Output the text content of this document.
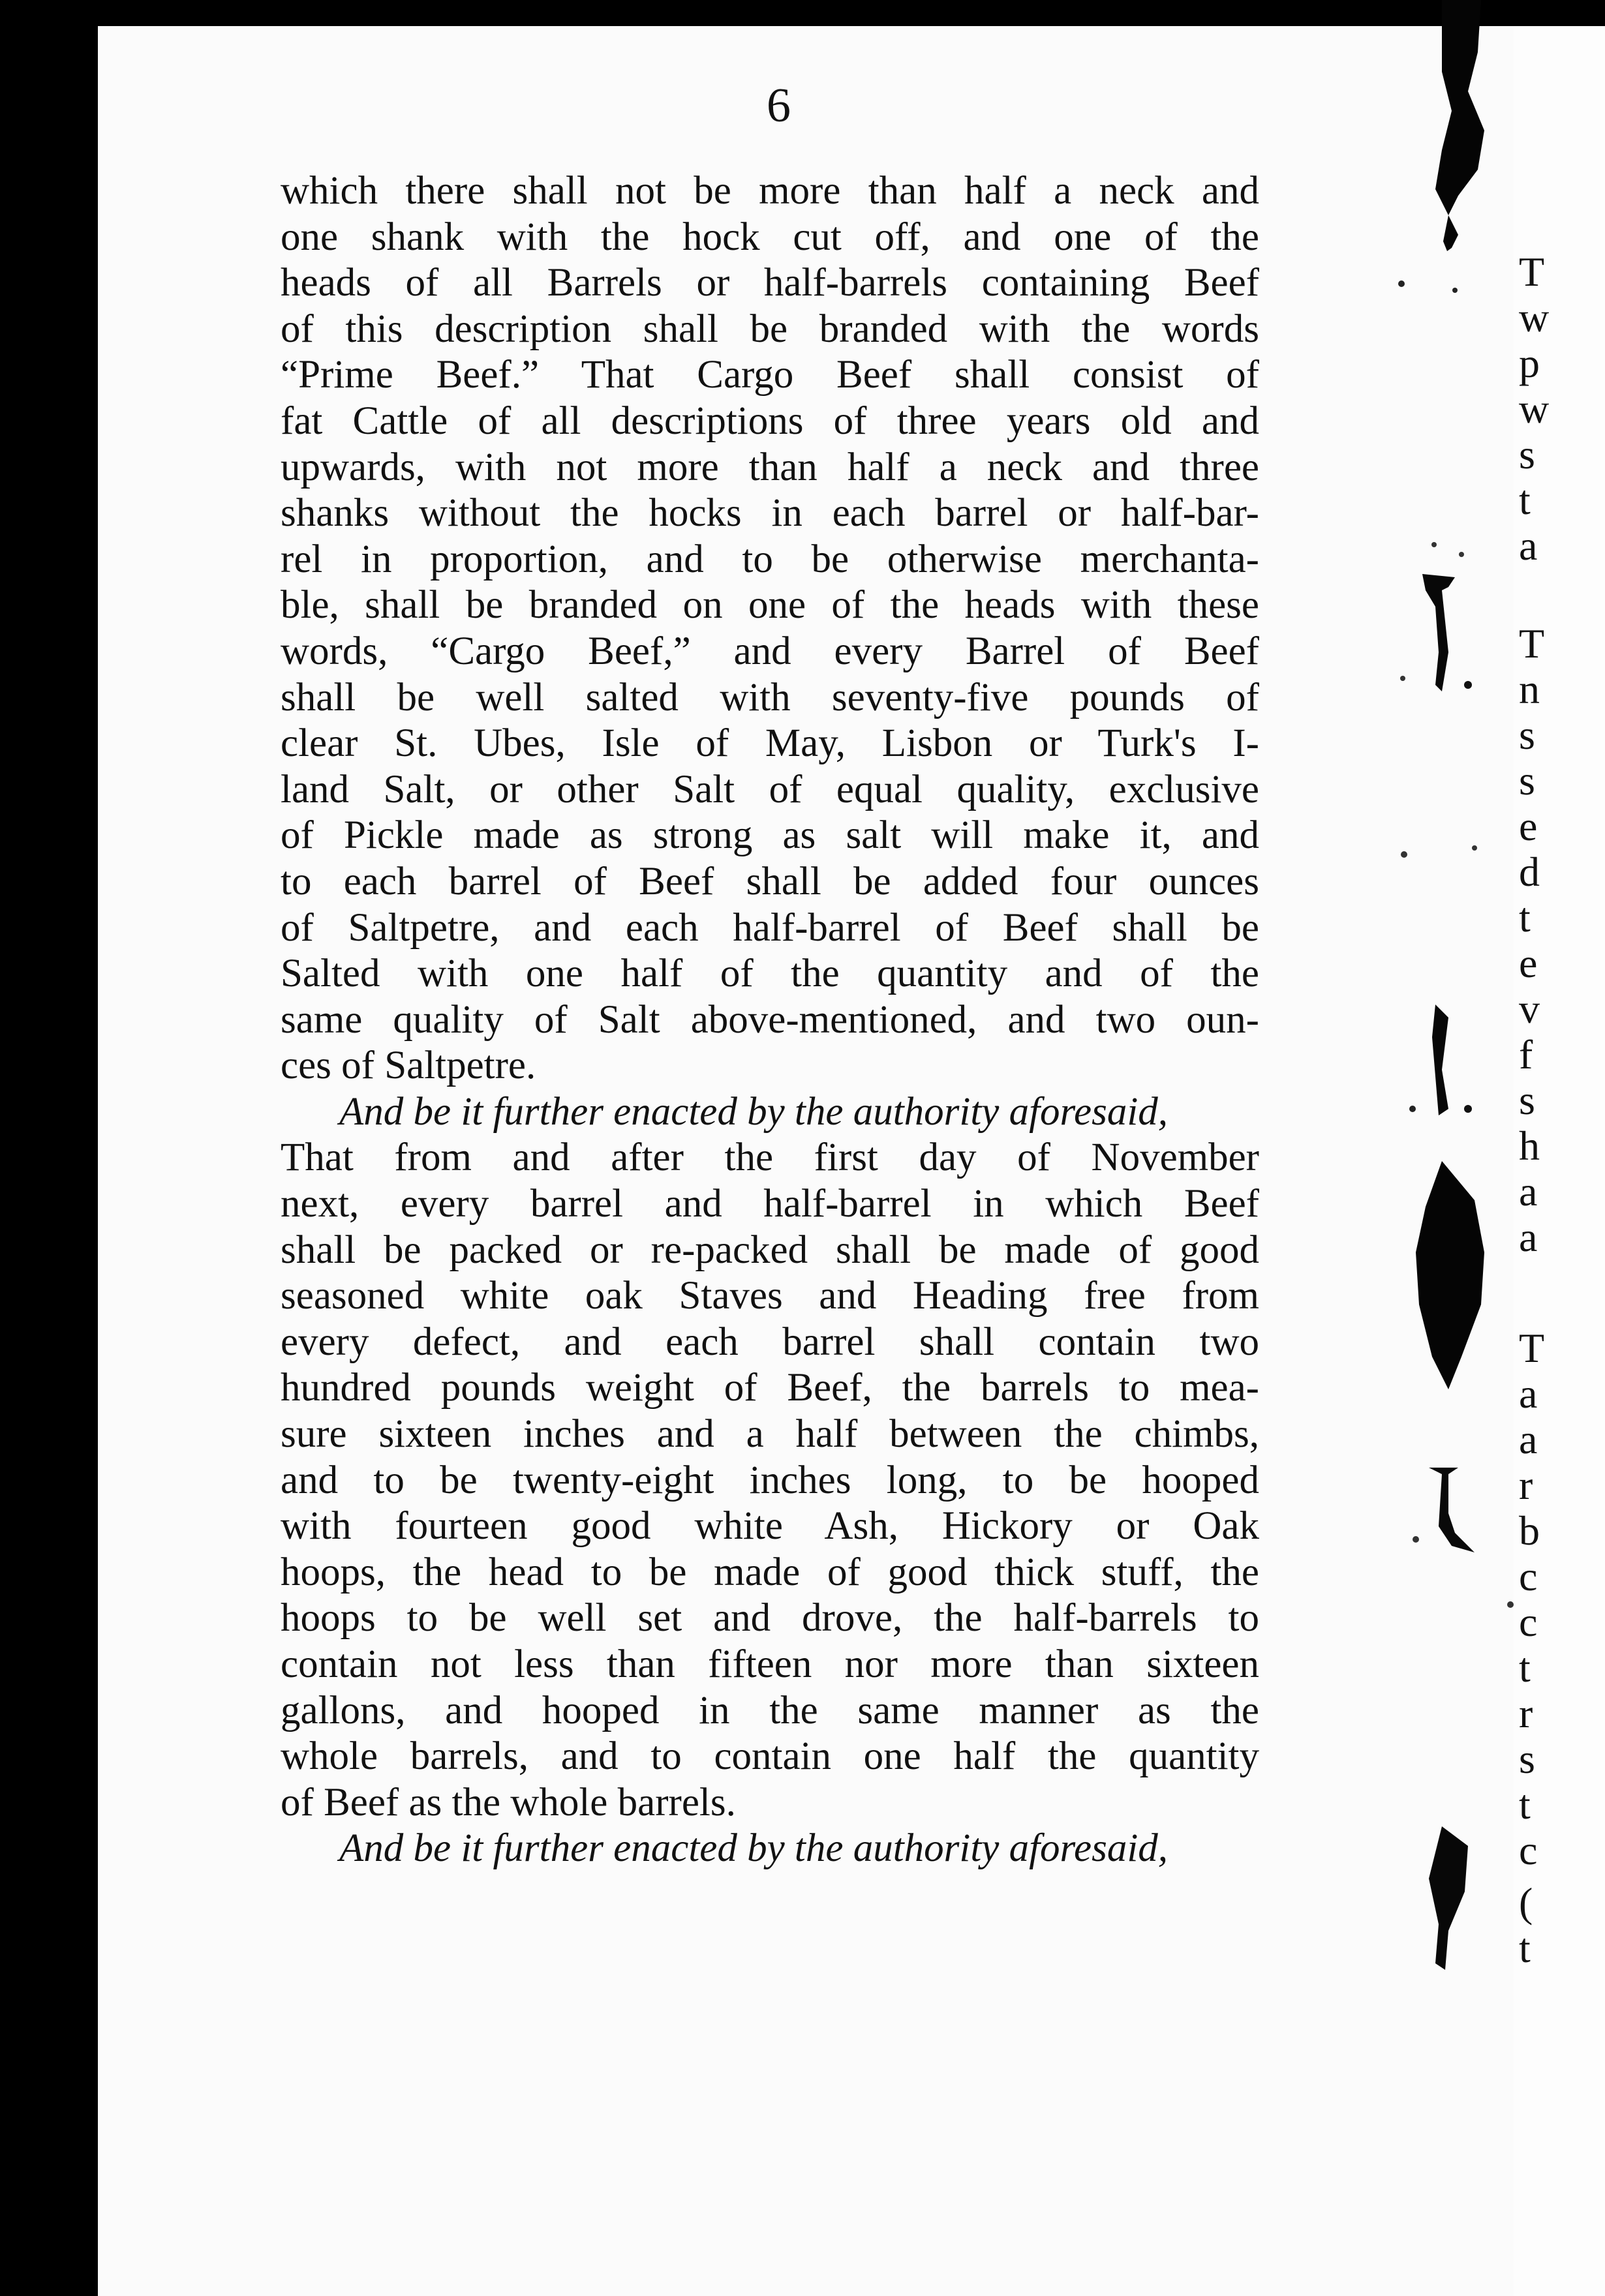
T
w
p
w
s
t
a
T
n
s
s
e
d
t
e
v
f
s
h
a
a
T
a
a
r
b
c
c
t
r
s
t
c
(
t
6
which there shall not be more than half a neck and
one shank with the hock cut off, and one of the
heads of all Barrels or half-barrels containing Beef
of this description shall be branded with the words
“Prime Beef.” That Cargo Beef shall consist of
fat Cattle of all descriptions of three years old and
upwards, with not more than half a neck and three
shanks without the hocks in each barrel or half-bar-
rel in proportion, and to be otherwise merchanta-
ble, shall be branded on one of the heads with these
words, “Cargo Beef,” and every Barrel of Beef
shall be well salted with seventy-five pounds of
clear St. Ubes, Isle of May, Lisbon or Turk's I-
land Salt, or other Salt of equal quality, exclusive
of Pickle made as strong as salt will make it, and
to each barrel of Beef shall be added four ounces
of Saltpetre, and each half-barrel of Beef shall be
Salted with one half of the quantity and of the
same quality of Salt above-mentioned, and two oun-
ces of Saltpetre.
And be it further enacted by the authority aforesaid,
That from and after the first day of November
next, every barrel and half-barrel in which Beef
shall be packed or re-packed shall be made of good
seasoned white oak Staves and Heading free from
every defect, and each barrel shall contain two
hundred pounds weight of Beef, the barrels to mea-
sure sixteen inches and a half between the chimbs,
and to be twenty-eight inches long, to be hooped
with fourteen good white Ash, Hickory or Oak
hoops, the head to be made of good thick stuff, the
hoops to be well set and drove, the half-barrels to
contain not less than fifteen nor more than sixteen
gallons, and hooped in the same manner as the
whole barrels, and to contain one half the quantity
of Beef as the whole barrels.
And be it further enacted by the authority aforesaid,
